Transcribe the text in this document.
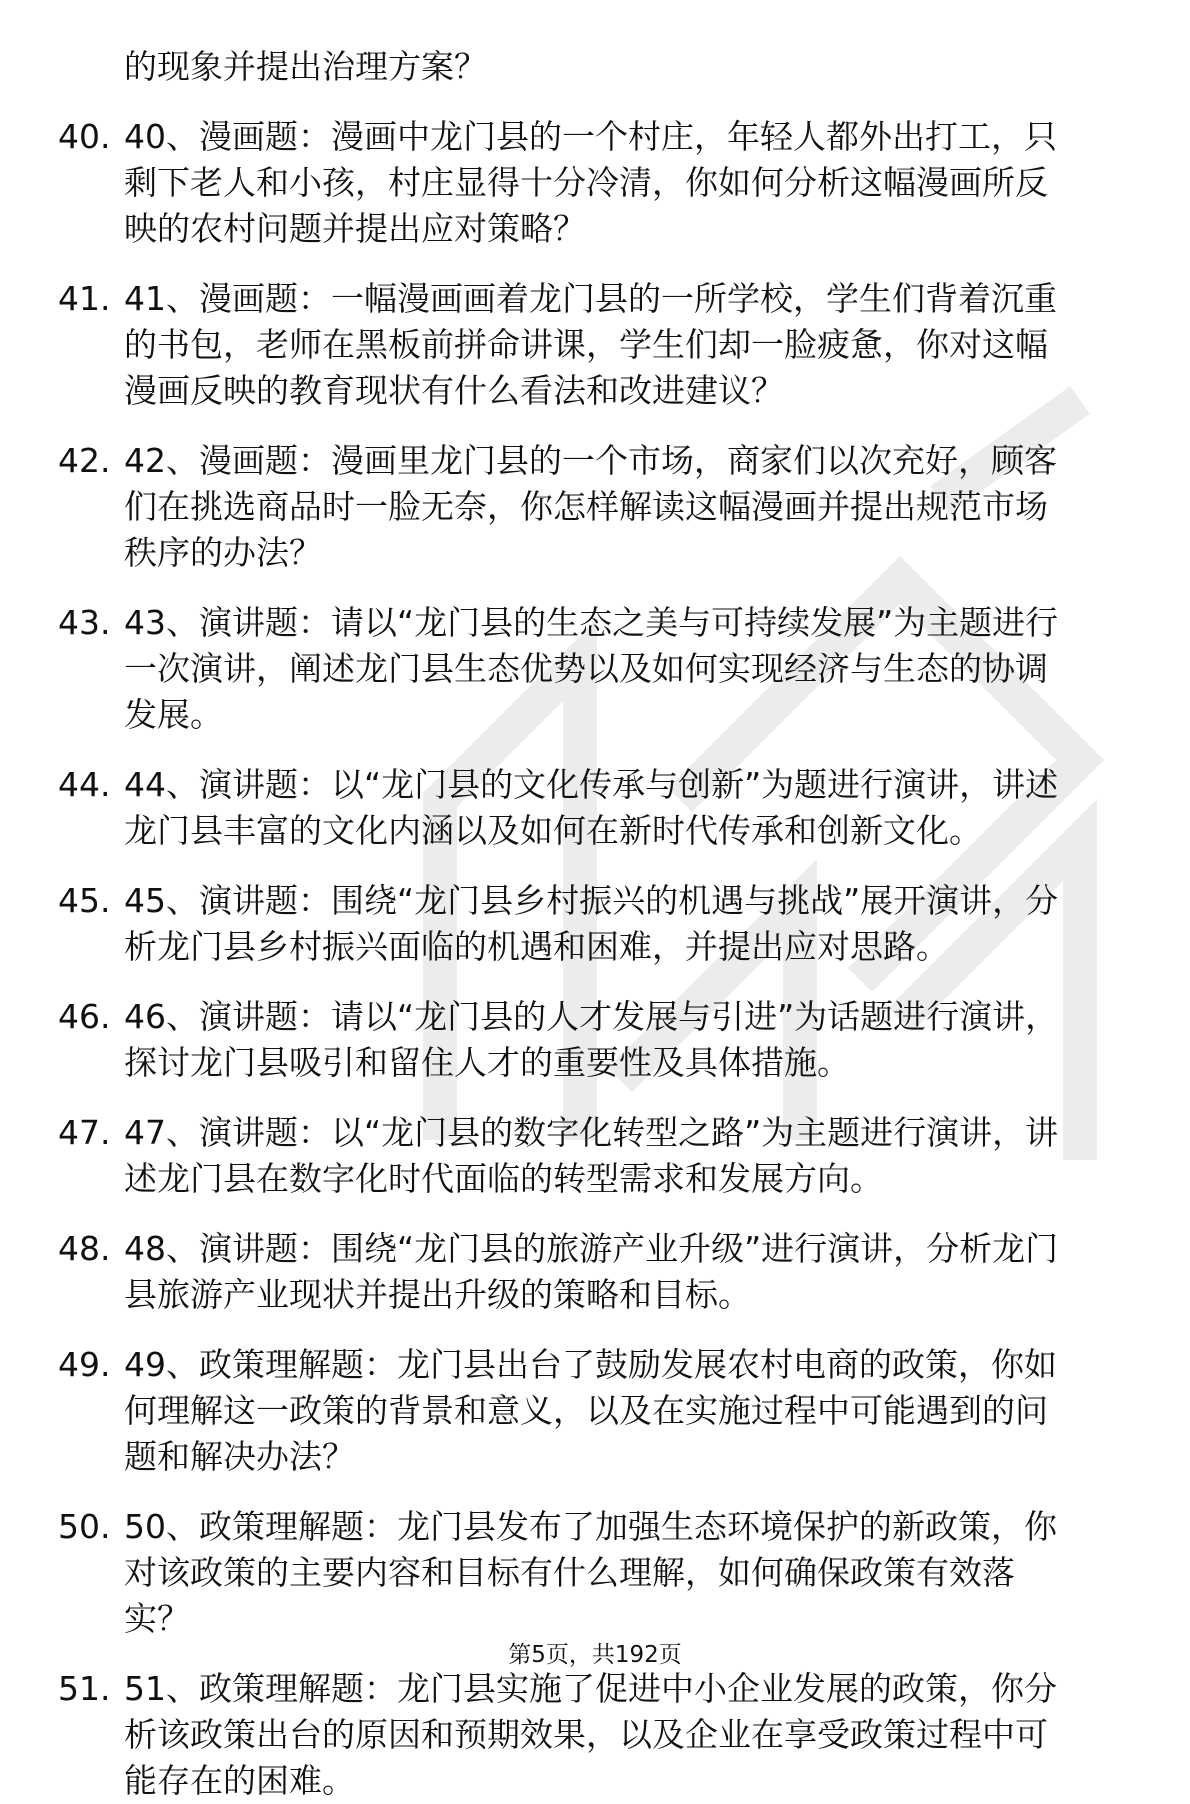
的现象并提出治理方案？

40. 40、漫画题：漫画中龙门县的一个村庄，年轻人都外出打工，只
剩下老人和小孩，村庄显得十分冷清，你如何分析这幅漫画所反
映的农村问题并提出应对策略？
41. 41、漫画题：一幅漫画画着龙门县的一所学校，学生们背着沉重
的书包，老师在黑板前拼命讲课，学生们却一脸疲惫，你对这幅
漫画反映的教育现状有什么看法和改进建议？
42. 42、漫画题：漫画里龙门县的一个市场，商家们以次充好，顾客
们在挑选商品时一脸无奈，你怎样解读这幅漫画并提出规范市场
秩序的办法？
43. 43、演讲题：请以“龙门县的生态之美与可持续发展”为主题进行
一次演讲，阐述龙门县生态优势以及如何实现经济与生态的协调
发展。
44. 44、演讲题：以“龙门县的文化传承与创新”为题进行演讲，讲述
龙门县丰富的文化内涵以及如何在新时代传承和创新文化。
45. 45、演讲题：围绕“龙门县乡村振兴的机遇与挑战”展开演讲，分
析龙门县乡村振兴面临的机遇和困难，并提出应对思路。
46. 46、演讲题：请以“龙门县的人才发展与引进”为话题进行演讲，
探讨龙门县吸引和留住人才的重要性及具体措施。
47. 47、演讲题：以“龙门县的数字化转型之路”为主题进行演讲，讲
述龙门县在数字化时代面临的转型需求和发展方向。
48. 48、演讲题：围绕“龙门县的旅游产业升级”进行演讲，分析龙门
县旅游产业现状并提出升级的策略和目标。
49. 49、政策理解题：龙门县出台了鼓励发展农村电商的政策，你如
何理解这一政策的背景和意义，以及在实施过程中可能遇到的问
题和解决办法？
50. 50、政策理解题：龙门县发布了加强生态环境保护的新政策，你
对该政策的主要内容和目标有什么理解，如何确保政策有效落
实？
51. 51、政策理解题：龙门县实施了促进中小企业发展的政策，你分
析该政策出台的原因和预期效果，以及企业在享受政策过程中可
能存在的困难。
第5页，共192页
